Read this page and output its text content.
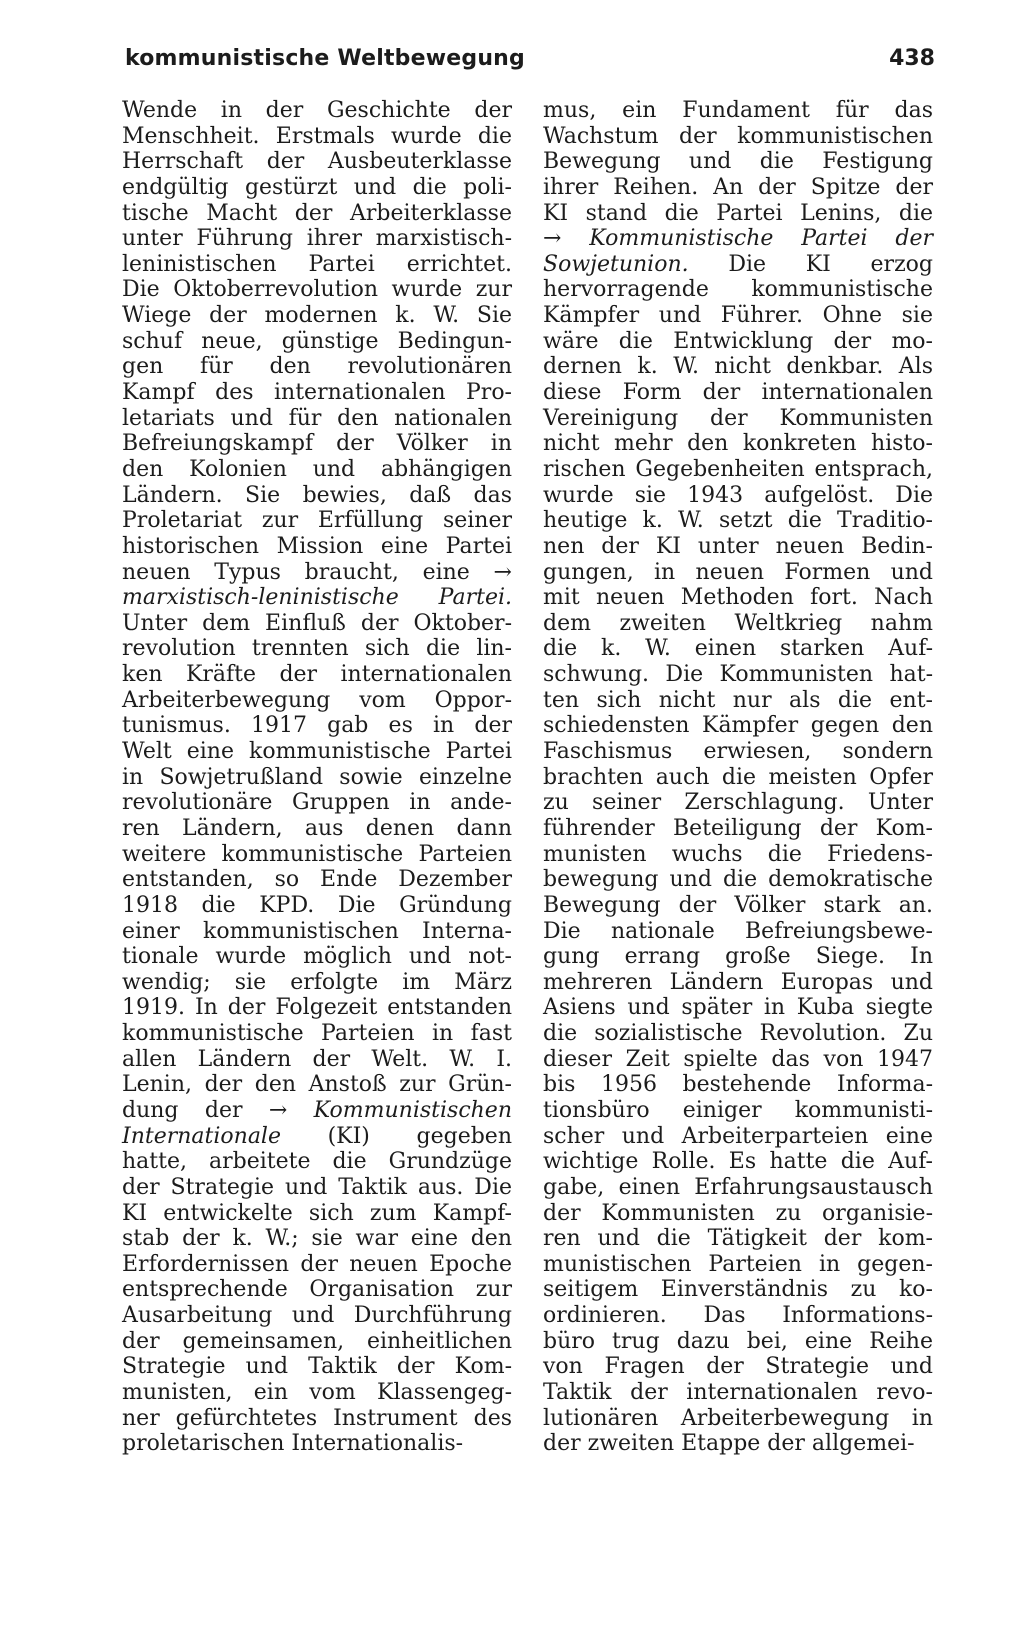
kommunistische Weltbewegung	438
Wende in der Geschichte der
Menschheit. Erstmals wurde die
Herrschaft der Ausbeuterklasse
endgültig gestürzt und die poli-
tische Macht der Arbeiterklasse
unter Führung ihrer marxistisch-
leninistischen Partei errichtet.
Die Oktoberrevolution wurde zur
Wiege der modernen k. W. Sie
schuf neue, günstige Bedingun-
gen für den revolutionären
Kampf des internationalen Pro-
letariats und für den nationalen
Befreiungskampf der Völker in
den Kolonien und abhängigen
Ländern. Sie bewies, daß das
Proletariat zur Erfüllung seiner
historischen Mission eine Partei
neuen Typus braucht, eine →
marxistisch-leninistische Partei.
Unter dem Einfluß der Oktober-
revolution trennten sich die lin-
ken Kräfte der internationalen
Arbeiterbewegung vom Oppor-
tunismus. 1917 gab es in der
Welt eine kommunistische Partei
in Sowjetrußland sowie einzelne
revolutionäre Gruppen in ande-
ren Ländern, aus denen dann
weitere kommunistische Parteien
entstanden, so Ende Dezember
1918 die KPD. Die Gründung
einer kommunistischen Interna-
tionale wurde möglich und not-
wendig; sie erfolgte im März
1919. In der Folgezeit entstanden
kommunistische Parteien in fast
allen Ländern der Welt. W. I.
Lenin, der den Anstoß zur Grün-
dung der → Kommunistischen
Internationale (KI) gegeben
hatte, arbeitete die Grundzüge
der Strategie und Taktik aus. Die
KI entwickelte sich zum Kampf-
stab der k. W.; sie war eine den
Erfordernissen der neuen Epoche
entsprechende Organisation zur
Ausarbeitung und Durchführung
der gemeinsamen, einheitlichen
Strategie und Taktik der Kom-
munisten, ein vom Klassengeg-
ner gefürchtetes Instrument des
proletarischen Internationalis-
mus, ein Fundament für das
Wachstum der kommunistischen
Bewegung und die Festigung
ihrer Reihen. An der Spitze der
KI stand die Partei Lenins, die
→ Kommunistische Partei der
Sowjetunion. Die KI erzog
hervorragende kommunistische
Kämpfer und Führer. Ohne sie
wäre die Entwicklung der mo-
dernen k. W. nicht denkbar. Als
diese Form der internationalen
Vereinigung der Kommunisten
nicht mehr den konkreten histo-
rischen Gegebenheiten entsprach,
wurde sie 1943 aufgelöst. Die
heutige k. W. setzt die Traditio-
nen der KI unter neuen Bedin-
gungen, in neuen Formen und
mit neuen Methoden fort. Nach
dem zweiten Weltkrieg nahm
die k. W. einen starken Auf-
schwung. Die Kommunisten hat-
ten sich nicht nur als die ent-
schiedensten Kämpfer gegen den
Faschismus erwiesen, sondern
brachten auch die meisten Opfer
zu seiner Zerschlagung. Unter
führender Beteiligung der Kom-
munisten wuchs die Friedens-
bewegung und die demokratische
Bewegung der Völker stark an.
Die nationale Befreiungsbewe-
gung errang große Siege. In
mehreren Ländern Europas und
Asiens und später in Kuba siegte
die sozialistische Revolution. Zu
dieser Zeit spielte das von 1947
bis 1956 bestehende Informa-
tionsbüro einiger kommunisti-
scher und Arbeiterparteien eine
wichtige Rolle. Es hatte die Auf-
gabe, einen Erfahrungsaustausch
der Kommunisten zu organisie-
ren und die Tätigkeit der kom-
munistischen Parteien in gegen-
seitigem Einverständnis zu ko-
ordinieren. Das Informations-
büro trug dazu bei, eine Reihe
von Fragen der Strategie und
Taktik der internationalen revo-
lutionären Arbeiterbewegung in
der zweiten Etappe der allgemei-
